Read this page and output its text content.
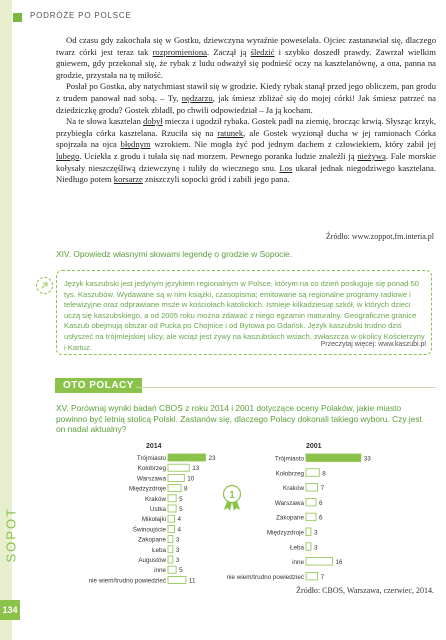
PODRÓŻE PO POLSCE
SOPOT
134

Od czasu gdy zakochała się w Gostku, dziewczyna wyraźnie poweselała. Ojciec zastanawiał się, dlaczego twarz córki jest teraz tak rozpromieniona. Zaczął ją śledzić i szybko doszedł prawdy. Zawrzał wielkim gniewem, gdy przekonał się, że rybak z ludu odważył się podnieść oczy na kasztelanównę, a ona, panna na grodzie, przystała na tę miłość.

Posłał po Gostka, aby natychmiast stawił się w grodzie. Kiedy rybak stanął przed jego obliczem, pan grodu z trudem panował nad sobą. – Ty, nędzarzu, jak śmiesz zbliżać się do mojej córki! Jak śmiesz patrzeć na dziedziczkę grodu? Gostek zbladł, po chwili odpowiedział – Ja ją kocham.

Na te słowa kasztelan dobył miecza i ugodził rybaka. Gostek padł na ziemię, brocząc krwią. Słysząc krzyk, przybiegła córka kasztelana. Rzuciła się na ratunek, ale Gostek wyzionął ducha w jej ramionach Córka spojrzała na ojca błędnym wzrokiem. Nie mogła żyć pod jednym dachem z człowiekiem, który zabił jej lubego. Uciekła z grodu i tułała się nad morzem. Pewnego poranka ludzie znaleźli ją nieżywą. Fale morskie kołysały nieszczęśliwą dziewczynę i tuliły do wiecznego snu. Los ukarał jednak niegodziwego kasztelana. Niedługo potem korsarze zniszczyli sopocki gród i zabili jego pana.

Źródło: www.zoppot.fm.interia.pl
XIV. Opowiedz własnymi słowami legendę o grodzie w Sopocie.
Język kaszubski jest jedynym językiem regionalnym w Polsce, którym na co dzień posługuje się ponad 50 tys. Kaszubów. Wydawane są w nim książki, czasopisma; emitowane są regionalne programy radiowe i telewizyjne oraz odprawiane msze w kościołach katolickich. Istnieje kilkadziesiąt szkół, w których dzieci uczą się kaszubskiego, a od 2005 roku można zdawać z niego egzamin maturalny. Geograficzne granice Kaszub obejmują obszar od Pucka po Chojnice i od Bytowa po Gdańsk. Język kaszubski trudno dziś usłyszeć na trójmiejskiej ulicy, ale wciąż jest żywy na kaszubskich wsiach, zwłaszcza w okolicy Kościerzyny i Kartuz.	Przeczytaj więcej: www.kaszubi.pl
OTO POLACY
XV. Porównaj wyniki badań CBOS z roku 2014 i 2001 dotyczące oceny Polaków, jakie miasto powinno być letnią stolicą Polski. Zastanów się, dlaczego Polacy dokonali takiego wyboru. Czy jest on nadal aktualny?
2014
Trójmiasto	23
Kołobrzeg	13
Warszawa	10
Międzyzdroje	8
Kraków 5
Ustka 5
Mikołajki 4
Świnoujście 4
Zakopane 3
Łeba 3
Augustów 3
inne 5
nie wiem/trudno powiedzieć	11
2001
Trójmiasto	33
Kołobrzeg	8
Kraków	7
Warszawa 6
Zakopane 6
Międzyzdroje 3
Łeba 3
inne	16
nie wiem/trudno powiedzieć	7
1
Źródło: CBOS, Warszawa, czerwiec, 2014.
